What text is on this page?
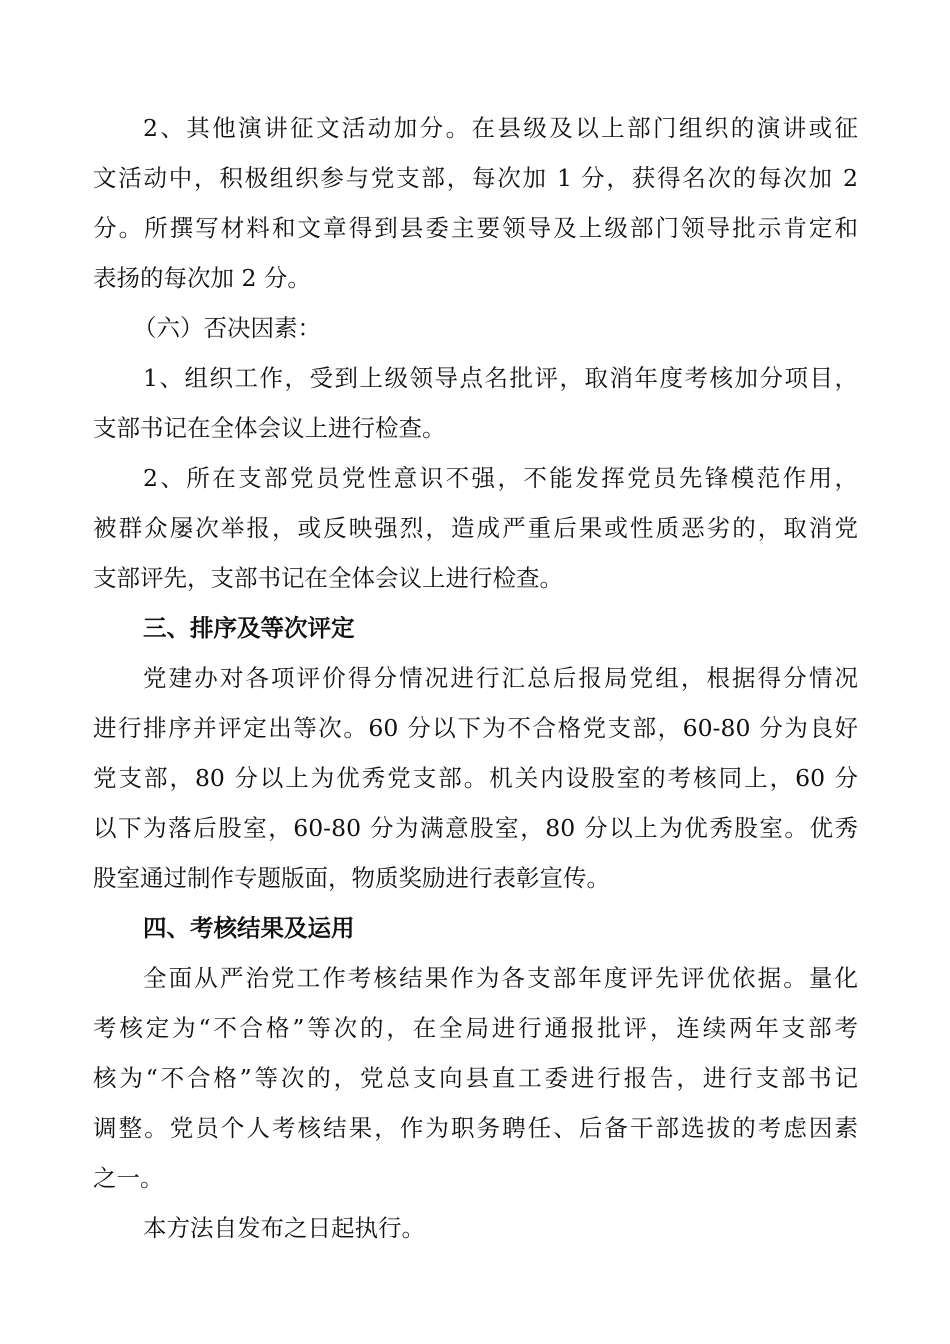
2、其他演讲征文活动加分。在县级及以上部门组织的演讲或征
文活动中，积极组织参与党支部，每次加 1 分，获得名次的每次加 2
分。所撰写材料和文章得到县委主要领导及上级部门领导批示肯定和
表扬的每次加 2 分。
（六）否决因素：
1、组织工作，受到上级领导点名批评，取消年度考核加分项目，
支部书记在全体会议上进行检查。
2、所在支部党员党性意识不强，不能发挥党员先锋模范作用，
被群众屡次举报，或反映强烈，造成严重后果或性质恶劣的，取消党
支部评先，支部书记在全体会议上进行检查。
三、排序及等次评定
党建办对各项评价得分情况进行汇总后报局党组，根据得分情况
进行排序并评定出等次。60 分以下为不合格党支部，60-80 分为良好
党支部，80 分以上为优秀党支部。机关内设股室的考核同上，60 分
以下为落后股室，60-80 分为满意股室，80 分以上为优秀股室。优秀
股室通过制作专题版面，物质奖励进行表彰宣传。
四、考核结果及运用
全面从严治党工作考核结果作为各支部年度评先评优依据。量化
考核定为“不合格”等次的，在全局进行通报批评，连续两年支部考
核为“不合格”等次的，党总支向县直工委进行报告，进行支部书记
调整。党员个人考核结果，作为职务聘任、后备干部选拔的考虑因素
之一。
本方法自发布之日起执行。
